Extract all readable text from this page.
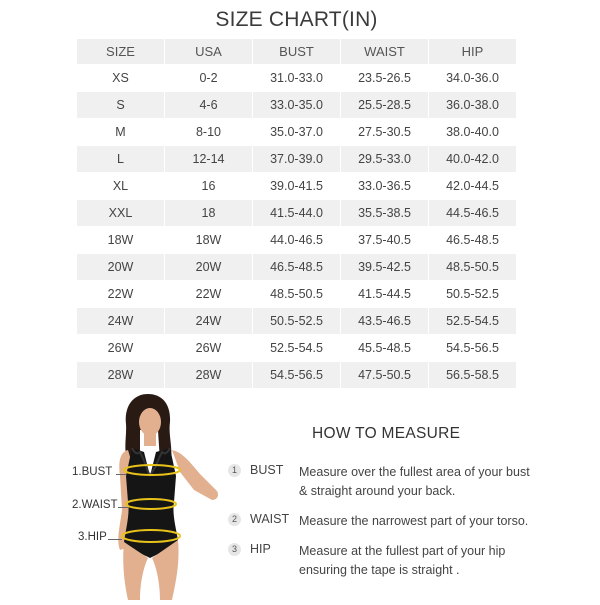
SIZE CHART(IN)
SIZE	USA	BUST	WAIST	HIP
XS	0-2	31.0-33.0	23.5-26.5	34.0-36.0
S	4-6	33.0-35.0	25.5-28.5	36.0-38.0
M	8-10	35.0-37.0	27.5-30.5	38.0-40.0
L	12-14	37.0-39.0	29.5-33.0	40.0-42.0
XL	16	39.0-41.5	33.0-36.5	42.0-44.5
XXL	18	41.5-44.0	35.5-38.5	44.5-46.5
18W	18W	44.0-46.5	37.5-40.5	46.5-48.5
20W	20W	46.5-48.5	39.5-42.5	48.5-50.5
22W	22W	48.5-50.5	41.5-44.5	50.5-52.5
24W	24W	50.5-52.5	43.5-46.5	52.5-54.5
26W	26W	52.5-54.5	45.5-48.5	54.5-56.5
28W	28W	54.5-56.5	47.5-50.5	56.5-58.5
1.BUST
2.WAIST
3.HIP
HOW TO MEASURE
1	BUST Measure over the fullest area of your bust & straight around your back.
2	WAIST Measure the narrowest part of your torso.
3	HIP Measure at the fullest part of your hip ensuring the tape is straight .
